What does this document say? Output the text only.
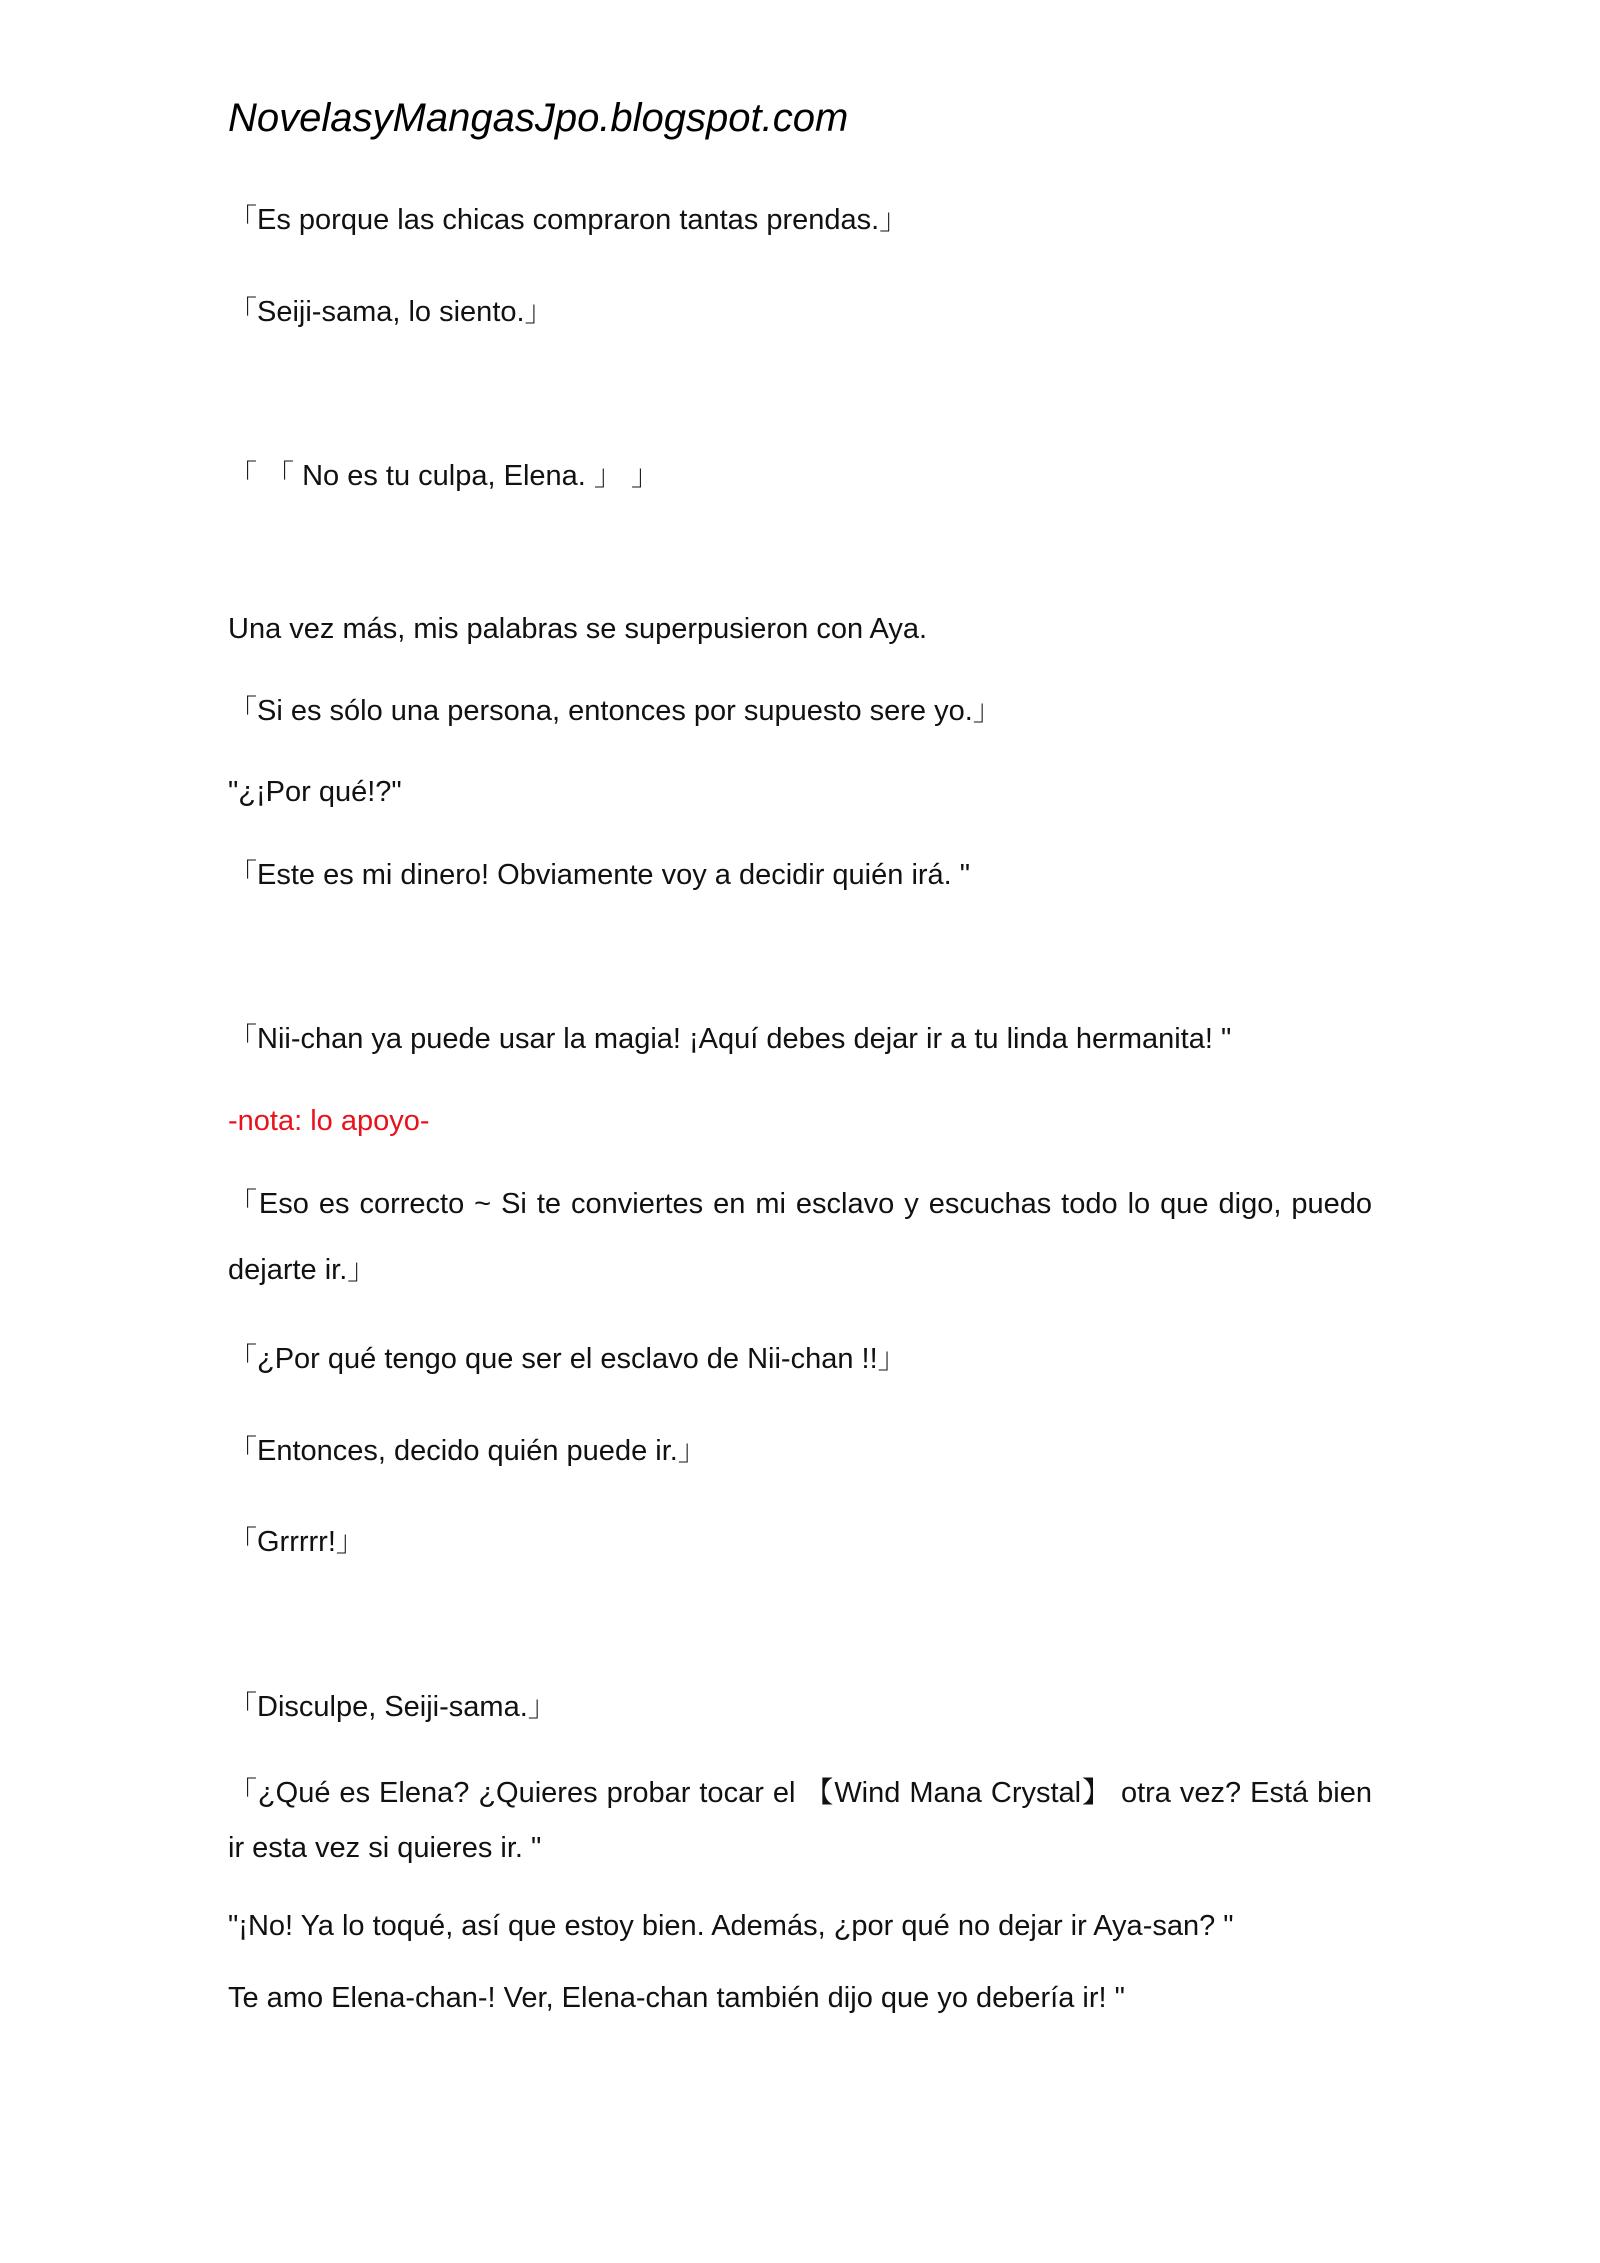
NovelasyMangasJpo.blogspot.com
「Es porque las chicas compraron tantas prendas.」
「Seiji-sama, lo siento.」
「 「 No es tu culpa, Elena. 」 」
Una vez más, mis palabras se superpusieron con Aya.
「Si es sólo una persona, entonces por supuesto sere yo.」
"¿¡Por qué!?"
「Este es mi dinero! Obviamente voy a decidir quién irá. "
「Nii-chan ya puede usar la magia! ¡Aquí debes dejar ir a tu linda hermanita! "
-nota: lo apoyo-
「Eso es correcto ~ Si te conviertes en mi esclavo y escuchas todo lo que digo, puedo dejarte ir.」
「¿Por qué tengo que ser el esclavo de Nii-chan !!」
「Entonces, decido quién puede ir.」
「Grrrrr!」
「Disculpe, Seiji-sama.」
「¿Qué es Elena? ¿Quieres probar tocar el 【Wind Mana Crystal】 otra vez? Está bien ir esta vez si quieres ir. "
"¡No! Ya lo toqué, así que estoy bien. Además, ¿por qué no dejar ir Aya-san? "
Te amo Elena-chan-! Ver, Elena-chan también dijo que yo debería ir! "
